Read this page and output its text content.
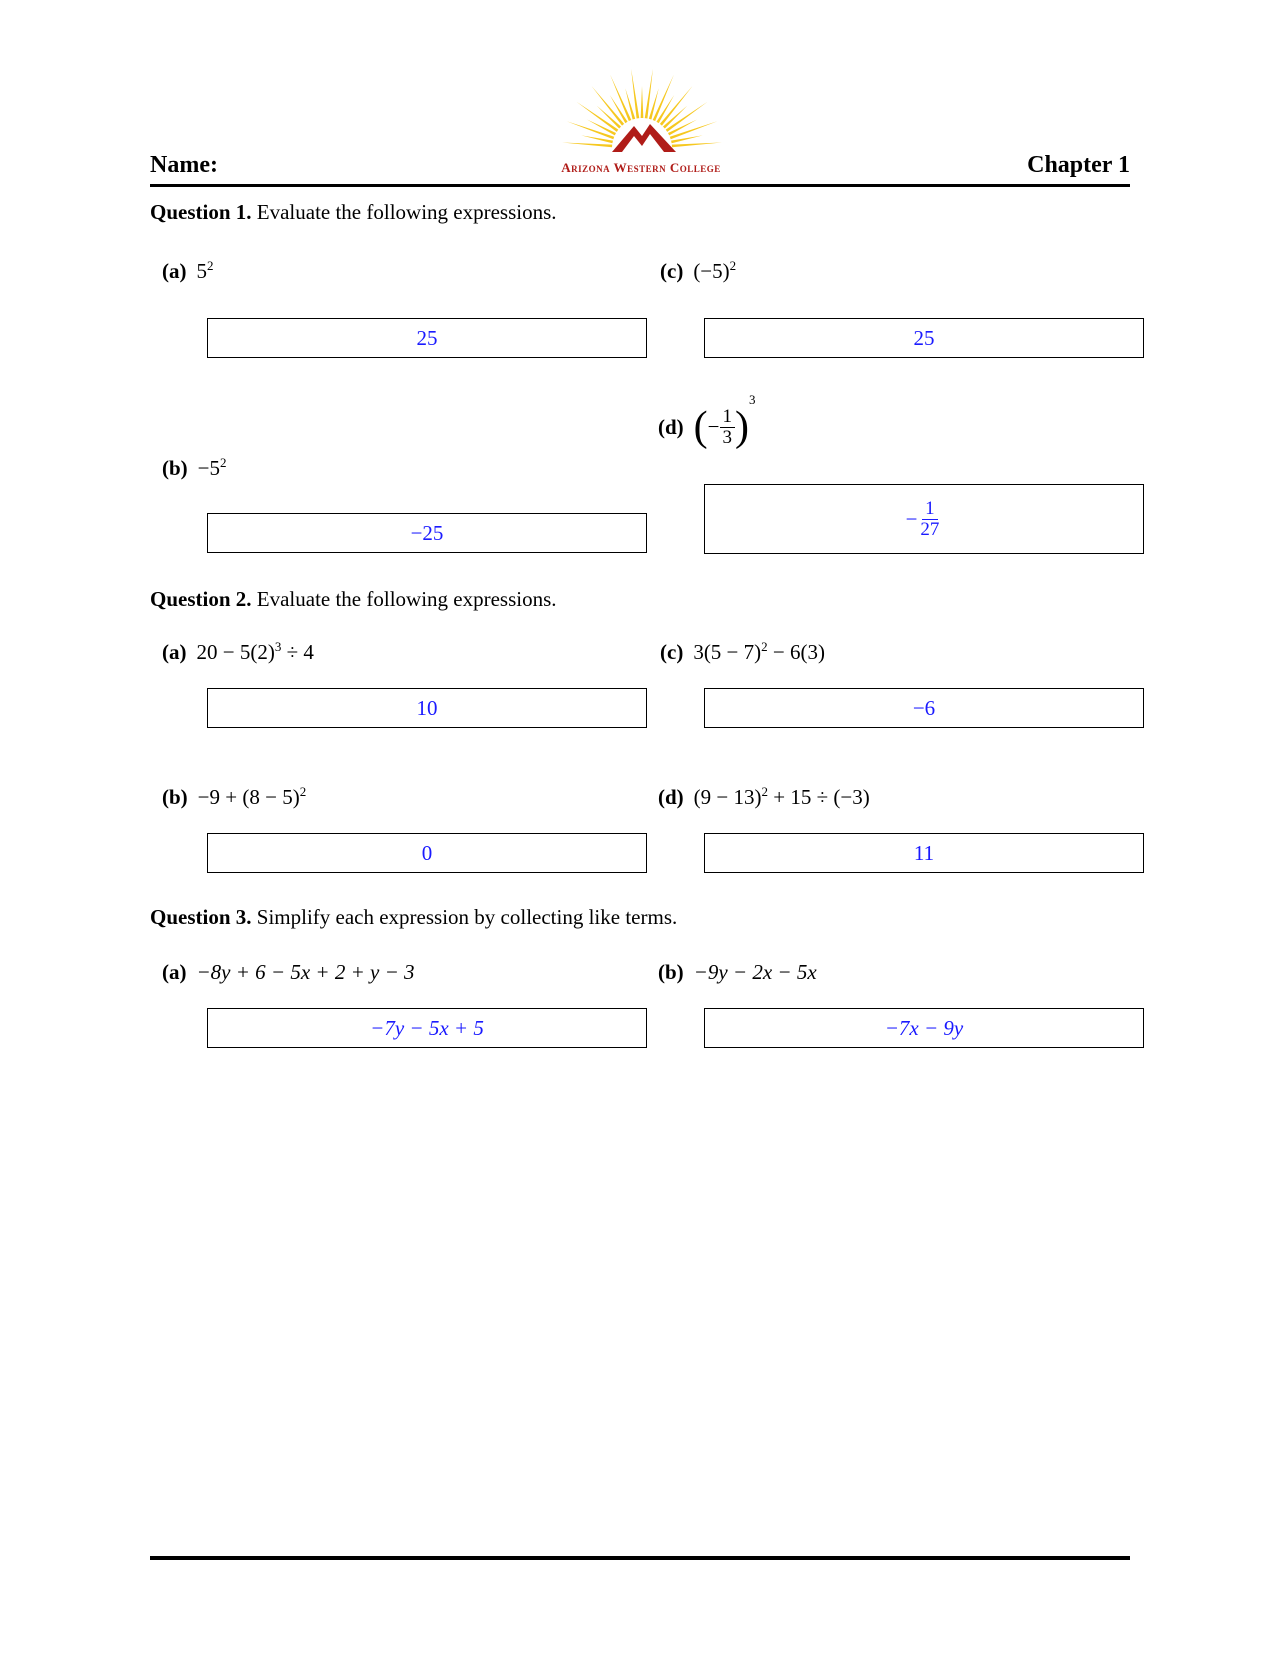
Name:	Arizona Western College	Chapter 1
Question 1. Evaluate the following expressions.
(a) $5^2$
25
$(b) -5^2$
−25
(c) $(-5)^2$
25
(d) (− $\frac{1}{3} )^3$
− $\frac{1}{27}$
Question 2. Evaluate the following expressions.
(a) $20 - 5(2)^3 \div 4$
10
$(b) -9 + (8 - 5)^2$
0
(c) $3(5 - 7)^2 - 6(3)$
−6
(d) $(9 - 13)^2 + 15 \div (-3)$
11
Question 3. Simplify each expression by collecting like terms.
(a) −8y + 6 − 5x + 2 + y − 3
−7y − 5x + 5
(b) −9y − 2x − 5x
−7x − 9y
